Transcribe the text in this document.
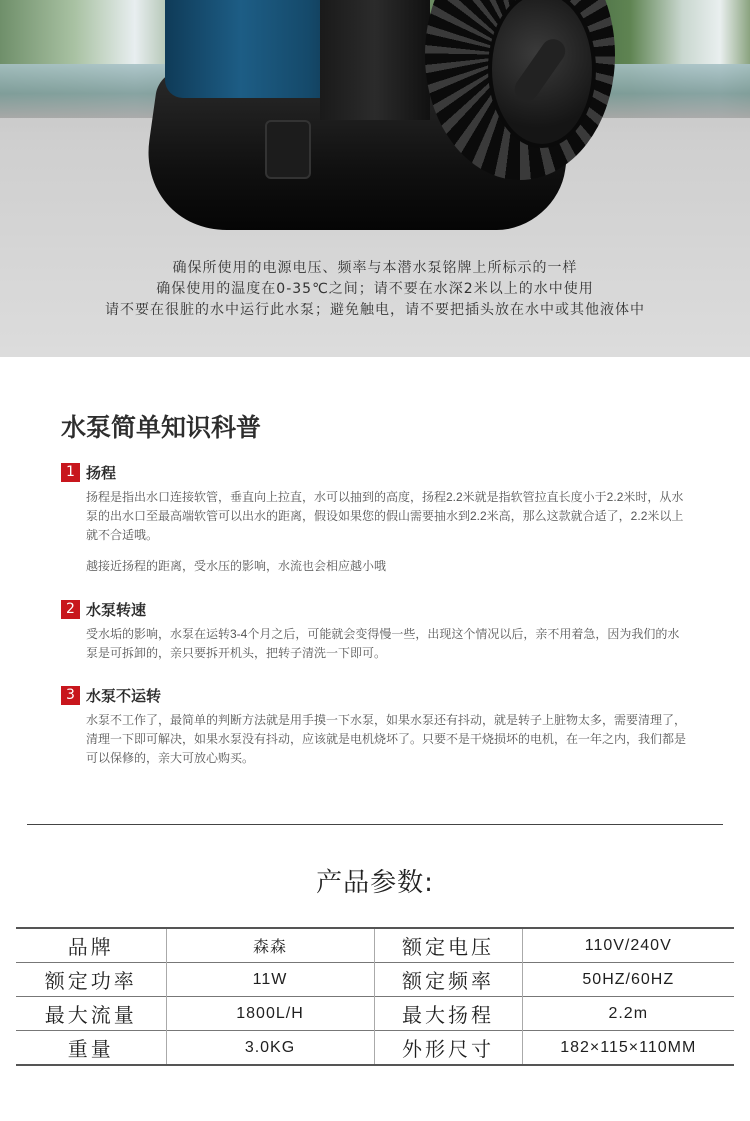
确保所使用的电源电压、频率与本潜水泵铭牌上所标示的一样
确保使用的温度在0-35℃之间；请不要在水深2米以上的水中使用
请不要在很脏的水中运行此水泵；避免触电，请不要把插头放在水中或其他液体中
水泵简单知识科普
1 扬程

扬程是指出水口连接软管，垂直向上拉直，水可以抽到的高度，扬程2.2米就是指软管拉直长度小于2.2米时，从水泵的出水口至最高端软管可以出水的距离，假设如果您的假山需要抽水到2.2米高，那么这款就合适了，2.2米以上就不合适哦。

越接近扬程的距离，受水压的影响，水流也会相应越小哦

2 水泵转速

受水垢的影响，水泵在运转3-4个月之后，可能就会变得慢一些，出现这个情况以后，亲不用着急，因为我们的水泵是可拆卸的，亲只要拆开机头，把转子清洗一下即可。

3 水泵不运转

水泵不工作了，最简单的判断方法就是用手摸一下水泵，如果水泵还有抖动，就是转子上脏物太多，需要清理了，清理一下即可解决，如果水泵没有抖动，应该就是电机烧坏了。只要不是干烧损坏的电机，在一年之内，我们都是可以保修的，亲大可放心购买。

产品参数:
品牌	森森	额定电压	110V/240V
额定功率	11W	额定频率	50HZ/60HZ
最大流量	1800L/H	最大扬程	2.2m
重量	3.0KG	外形尺寸	182×115×110MM
